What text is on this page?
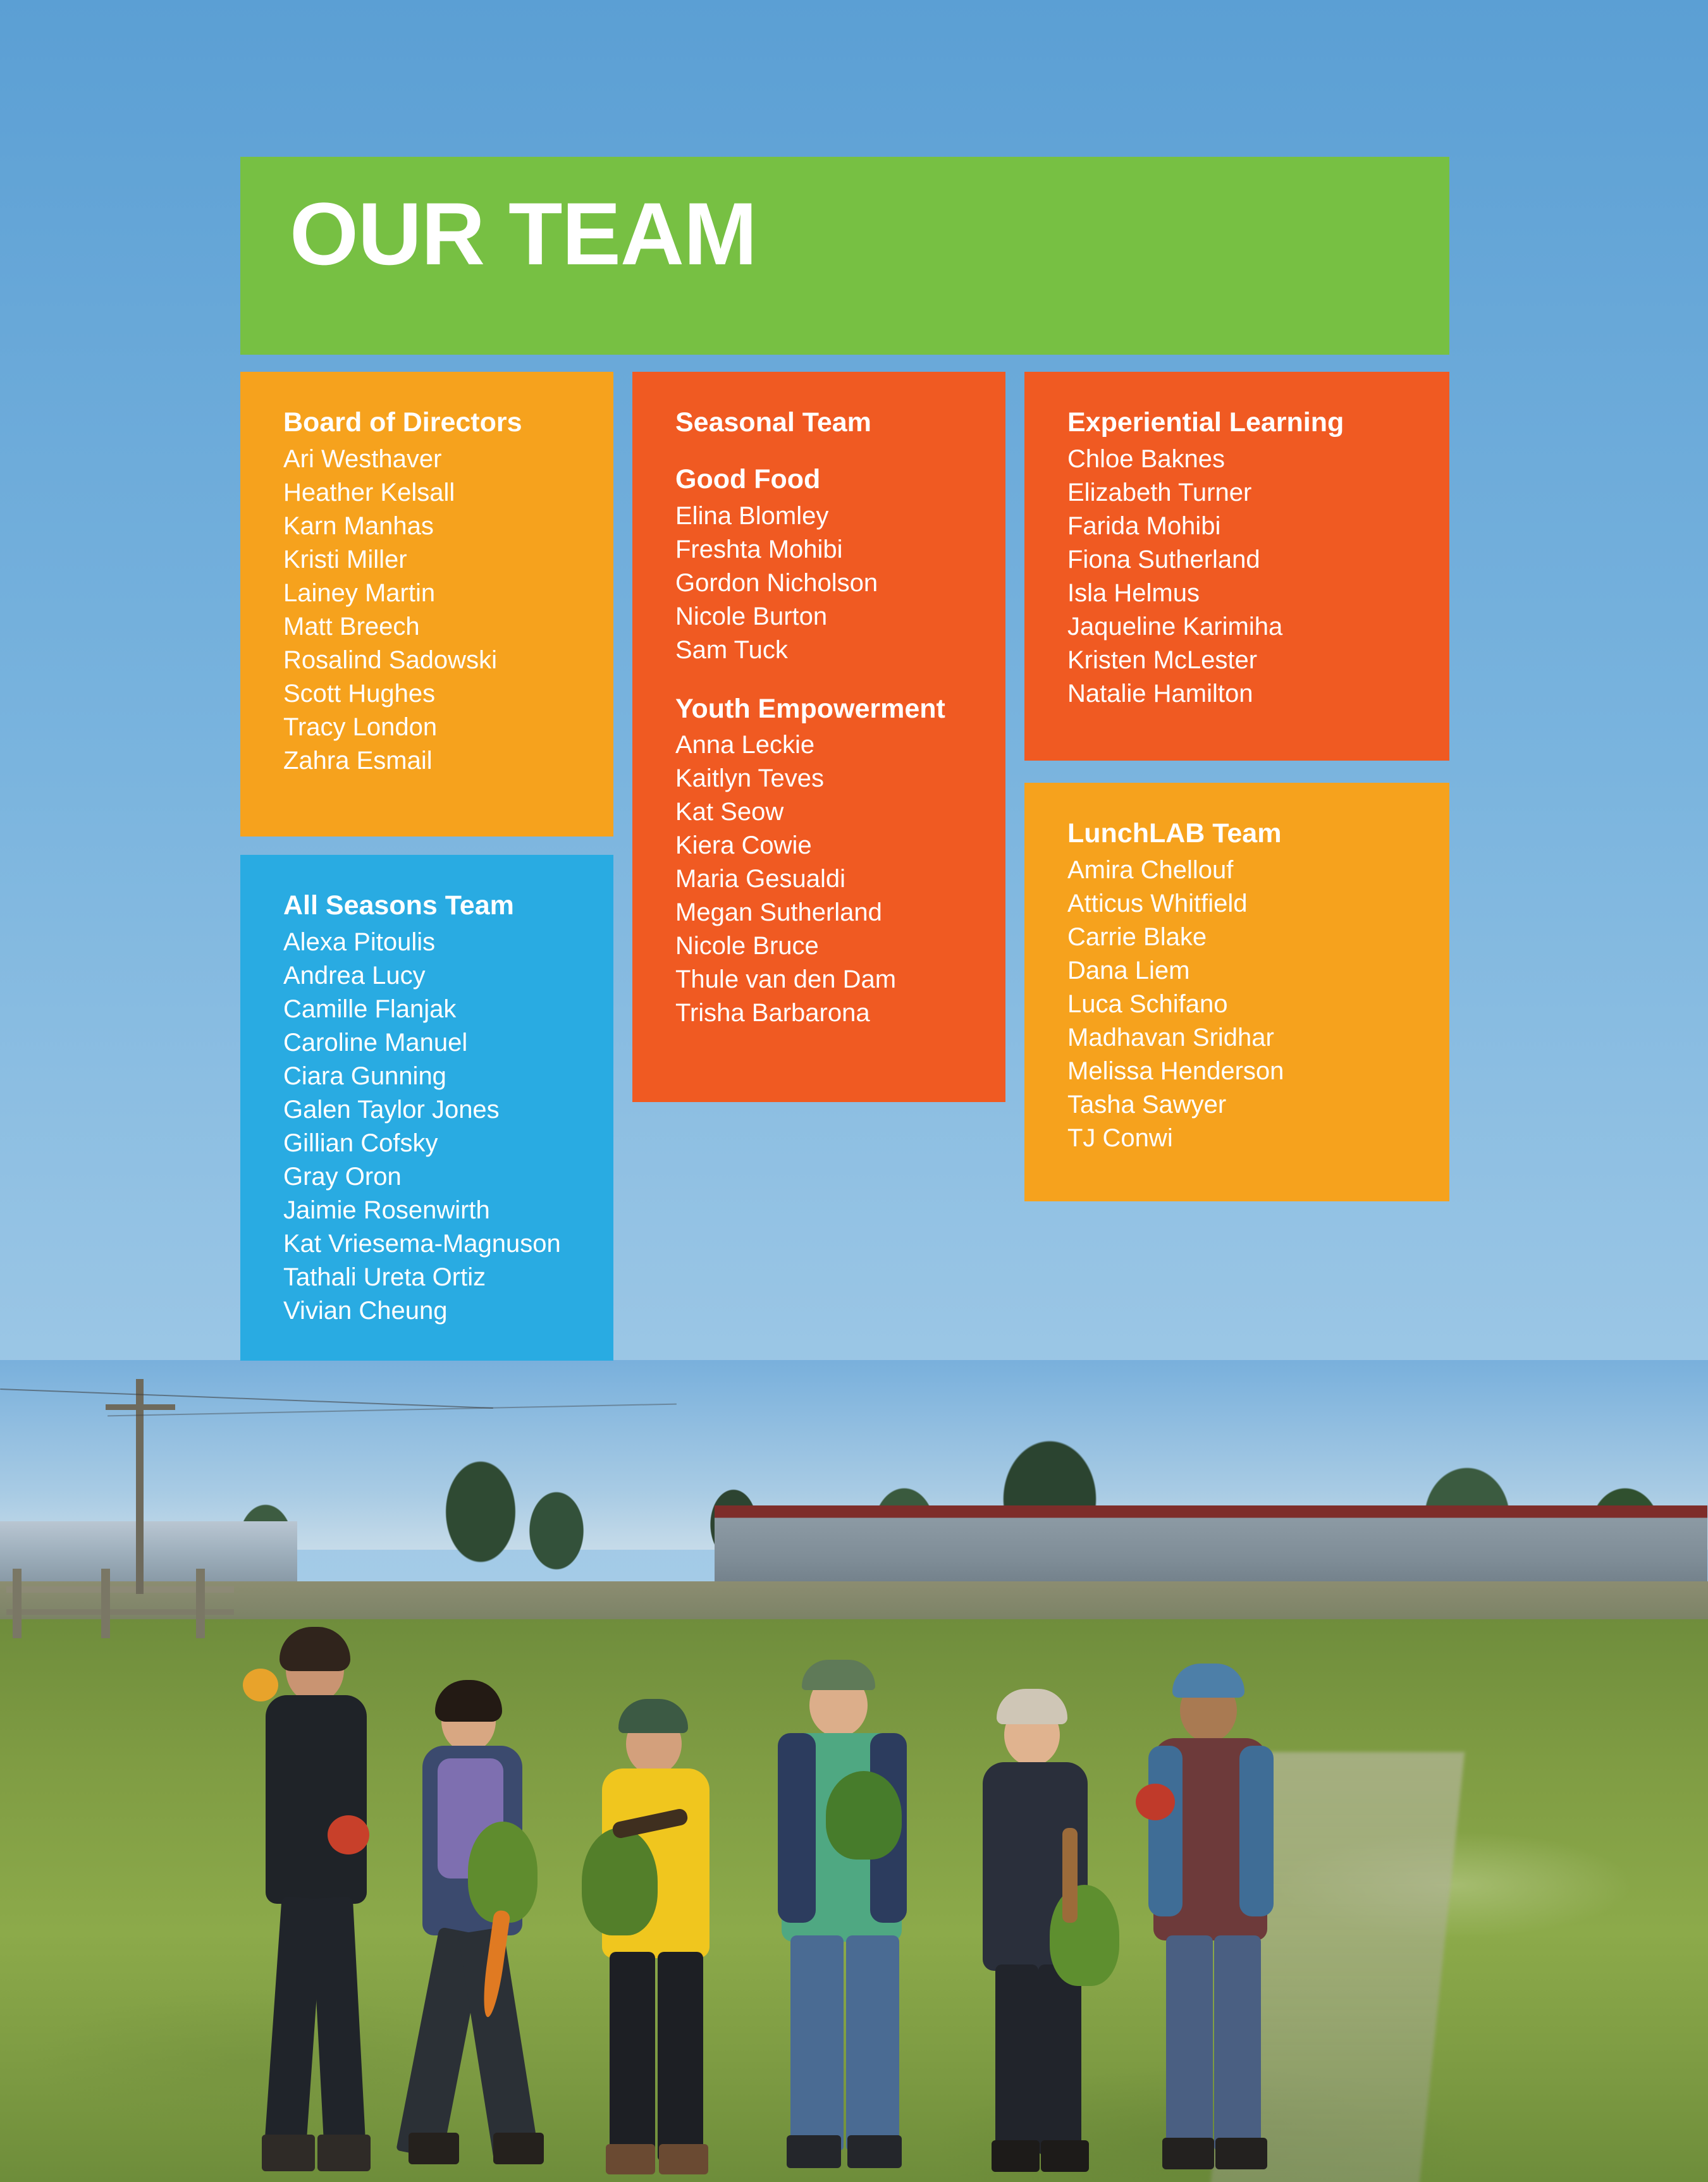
OUR TEAM
Board of Directors
Ari Westhaver
Heather Kelsall
Karn Manhas
Kristi Miller
Lainey Martin
Matt Breech
Rosalind Sadowski
Scott Hughes
Tracy London
Zahra Esmail
All Seasons Team
Alexa Pitoulis
Andrea Lucy
Camille Flanjak
Caroline Manuel
Ciara Gunning
Galen Taylor Jones
Gillian Cofsky
Gray Oron
Jaimie Rosenwirth
Kat Vriesema-Magnuson
Tathali Ureta Ortiz
Vivian Cheung
Seasonal Team
Good Food
Elina Blomley
Freshta Mohibi
Gordon Nicholson
Nicole Burton
Sam Tuck
Youth Empowerment
Anna Leckie
Kaitlyn Teves
Kat Seow
Kiera Cowie
Maria Gesualdi
Megan Sutherland
Nicole Bruce
Thule van den Dam
Trisha Barbarona
Experiential Learning
Chloe Baknes
Elizabeth Turner
Farida Mohibi
Fiona Sutherland
Isla Helmus
Jaqueline Karimiha
Kristen McLester
Natalie Hamilton
LunchLAB Team
Amira Chellouf
Atticus Whitfield
Carrie Blake
Dana Liem
Luca Schifano
Madhavan Sridhar
Melissa Henderson
Tasha Sawyer
TJ Conwi
